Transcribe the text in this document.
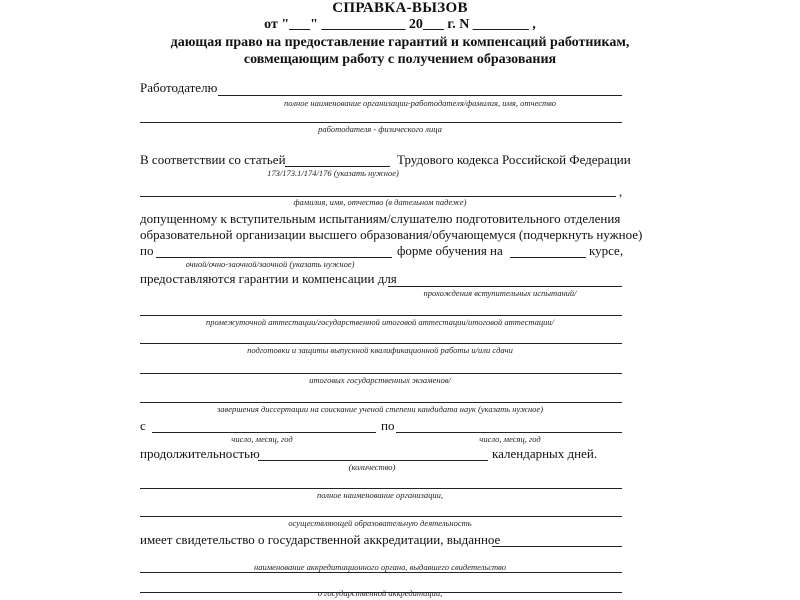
СПРАВКА-ВЫЗОВ
от "___" ____________ 20___ г. N ________ ,
дающая право на предоставление гарантий и компенсаций работникам,
совмещающим работу с получением образования
Работодателю
полное наименование организации-работодателя/фамилия, имя, отчество
работодателя - физического лица
В соответствии со статьей	Трудового кодекса Российской Федерации
173/173.1/174/176 (указать нужное)
,
фамилия, имя, отчество (в дательном падеже)
допущенному к вступительным испытаниям/слушателю подготовительного отделения
образовательной организации высшего образования/обучающемуся (подчеркнуть нужное)
по	форме обучения на	курсе,
очной/очно-заочной/заочной (указать нужное)
предоставляются гарантии и компенсации для
прохождения вступительных испытаний/
промежуточной аттестации/государственной итоговой аттестации/итоговой аттестации/
подготовки и защиты выпускной квалификационной работы и/или сдачи
итоговых государственных экзаменов/
завершения диссертации на соискание ученой степени кандидата наук (указать нужное)
с	по
число, месяц, год	число, месяц, год
продолжительностью	календарных дней.
(количество)
полное наименование организации,
осуществляющей образовательную деятельность
имеет свидетельство о государственной аккредитации, выданное
наименование аккредитационного органа, выдавшего свидетельство
о государственной аккредитации,
